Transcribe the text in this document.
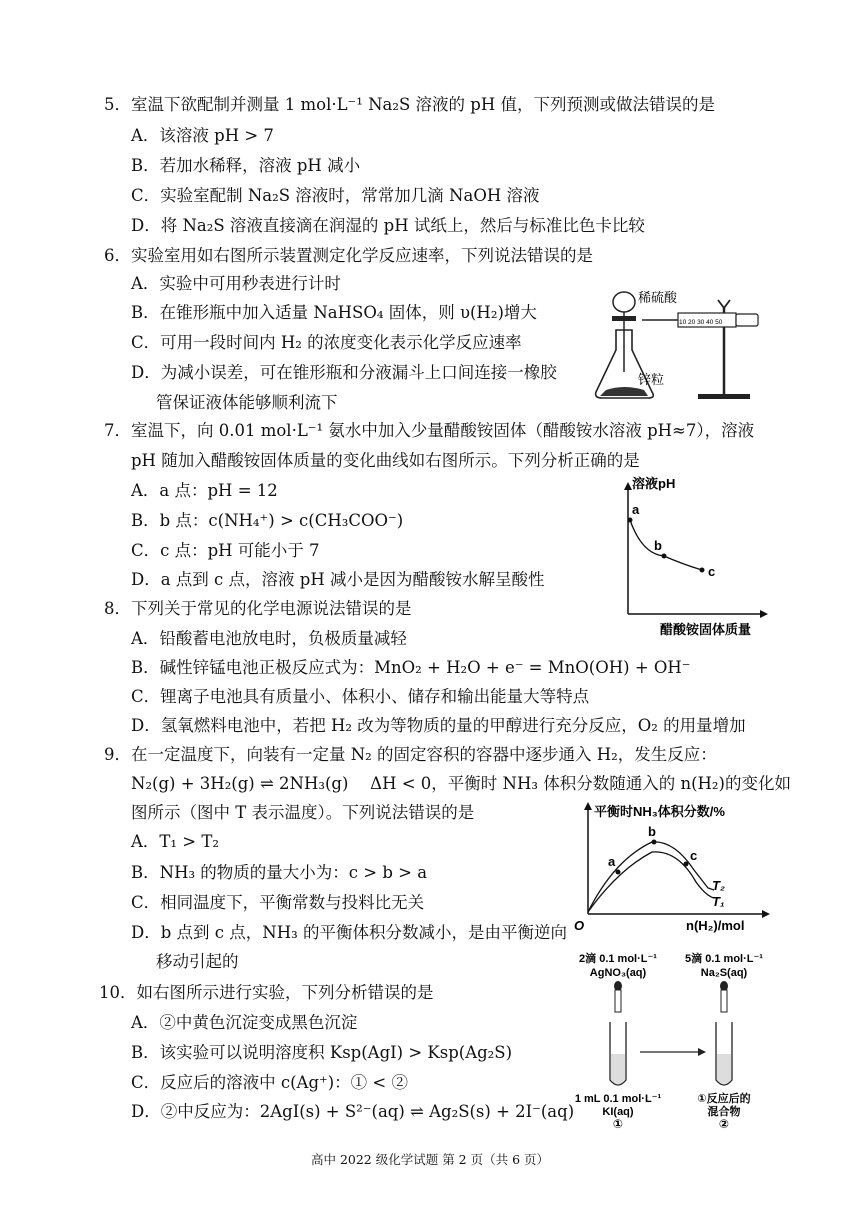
5．室温下欲配制并测量 1 mol·L⁻¹ Na₂S 溶液的 pH 值，下列预测或做法错误的是
A．该溶液 pH > 7
B．若加水稀释，溶液 pH 减小
C．实验室配制 Na₂S 溶液时，常常加几滴 NaOH 溶液
D．将 Na₂S 溶液直接滴在润湿的 pH 试纸上，然后与标准比色卡比较
6．实验室用如右图所示装置测定化学反应速率，下列说法错误的是
A．实验中可用秒表进行计时
B．在锥形瓶中加入适量 NaHSO₄ 固体，则 υ(H₂)增大
C．可用一段时间内 H₂ 的浓度变化表示化学反应速率
D．为减小误差，可在锥形瓶和分液漏斗上口间连接一橡胶
管保证液体能够顺利流下
10 20 30 40 50
稀硫酸
锌粒
7．室温下，向 0.01 mol·L⁻¹ 氨水中加入少量醋酸铵固体（醋酸铵水溶液 pH≈7），溶液
pH 随加入醋酸铵固体质量的变化曲线如右图所示。下列分析正确的是
A．a 点：pH = 12
B．b 点：c(NH₄⁺) > c(CH₃COO⁻)
C．c 点：pH 可能小于 7
D．a 点到 c 点，溶液 pH 减小是因为醋酸铵水解呈酸性
溶液pH
醋酸铵固体质量
a
b
c
8．下列关于常见的化学电源说法错误的是
A．铅酸蓄电池放电时，负极质量减轻
B．碱性锌锰电池正极反应式为：MnO₂ + H₂O + e⁻ = MnO(OH) + OH⁻
C．锂离子电池具有质量小、体积小、储存和输出能量大等特点
D．氢氧燃料电池中，若把 H₂ 改为等物质的量的甲醇进行充分反应，O₂ 的用量增加
9．在一定温度下，向装有一定量 N₂ 的固定容积的容器中逐步通入 H₂，发生反应：
N₂(g) + 3H₂(g) ⇌ 2NH₃(g)　 ΔH < 0，平衡时 NH₃ 体积分数随通入的 n(H₂)的变化如
图所示（图中 T 表示温度）。下列说法错误的是
A．T₁ > T₂
B．NH₃ 的物质的量大小为：c > b > a
C．相同温度下，平衡常数与投料比无关
D．b 点到 c 点，NH₃ 的平衡体积分数减小，是由平衡逆向
移动引起的
平衡时NH₃体积分数/%
O	n(H₂)/mol
a
b
c
T₂
T₁
10．如右图所示进行实验，下列分析错误的是
A．②中黄色沉淀变成黑色沉淀
B．该实验可以说明溶度积 Ksp(AgI) > Ksp(Ag₂S)
C．反应后的溶液中 c(Ag⁺)：① < ②
D．②中反应为：2AgI(s) + S²⁻(aq) ⇌ Ag₂S(s) + 2I⁻(aq)
2滴 0.1 mol·L⁻¹
AgNO₃(aq)
5滴 0.1 mol·L⁻¹
Na₂S(aq)
1 mL 0.1 mol·L⁻¹
KI(aq)
①
①反应后的
混合物
②
高中 2022 级化学试题 第 2 页（共 6 页）
